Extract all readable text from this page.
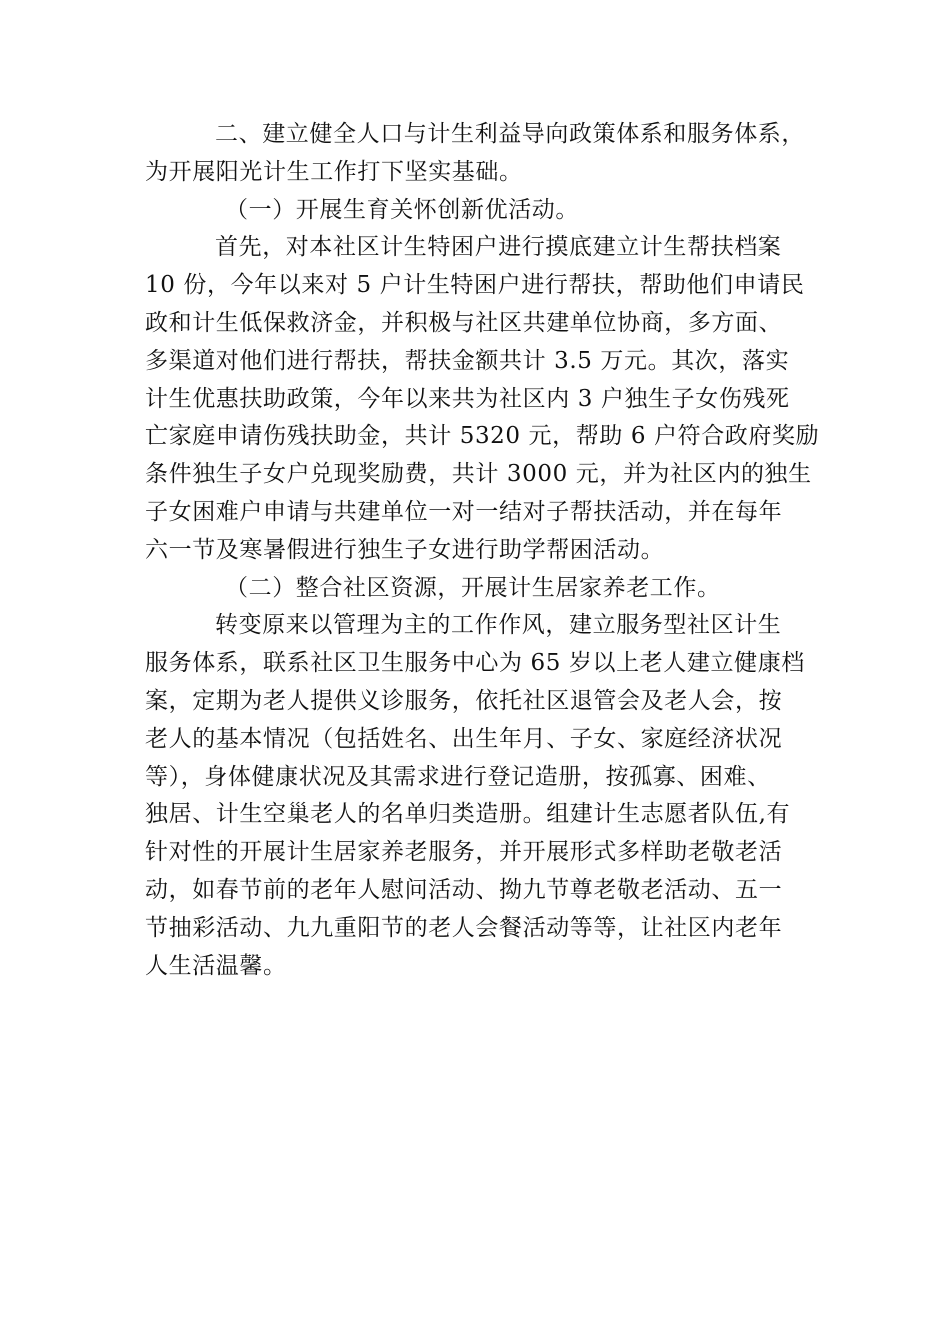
二、建立健全人口与计生利益导向政策体系和服务体系，
为开展阳光计生工作打下坚实基础。
（一）开展生育关怀创新优活动。
首先，对本社区计生特困户进行摸底建立计生帮扶档案
10 份，今年以来对 5 户计生特困户进行帮扶，帮助他们申请民
政和计生低保救济金，并积极与社区共建单位协商，多方面、
多渠道对他们进行帮扶，帮扶金额共计 3.5 万元。其次，落实
计生优惠扶助政策，今年以来共为社区内 3 户独生子女伤残死
亡家庭申请伤残扶助金，共计 5320 元，帮助 6 户符合政府奖励
条件独生子女户兑现奖励费，共计 3000 元，并为社区内的独生
子女困难户申请与共建单位一对一结对子帮扶活动，并在每年
六一节及寒暑假进行独生子女进行助学帮困活动。
（二）整合社区资源，开展计生居家养老工作。
转变原来以管理为主的工作作风，建立服务型社区计生
服务体系，联系社区卫生服务中心为 65 岁以上老人建立健康档
案，定期为老人提供义诊服务，依托社区退管会及老人会，按
老人的基本情况（包括姓名、出生年月、子女、家庭经济状况
等），身体健康状况及其需求进行登记造册，按孤寡、困难、
独居、计生空巢老人的名单归类造册。组建计生志愿者队伍,有
针对性的开展计生居家养老服务，并开展形式多样助老敬老活
动，如春节前的老年人慰问活动、拗九节尊老敬老活动、五一
节抽彩活动、九九重阳节的老人会餐活动等等，让社区内老年
人生活温馨。
